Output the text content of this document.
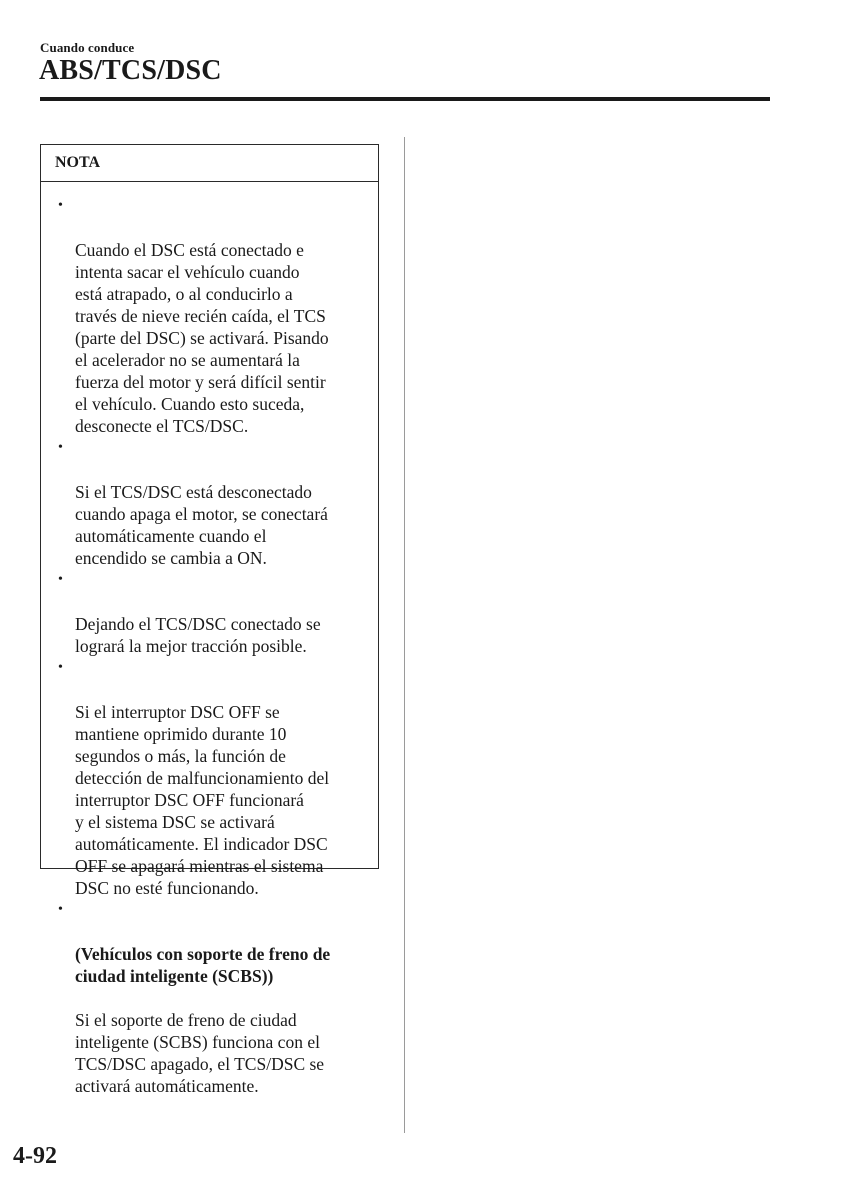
Cuando conduce
ABS/TCS/DSC
NOTA

•

Cuando el DSC está conectado e
intenta sacar el vehículo cuando
está atrapado, o al conducirlo a
través de nieve recién caída, el TCS
(parte del DSC) se activará. Pisando
el acelerador no se aumentará la
fuerza del motor y será difícil sentir
el vehículo. Cuando esto suceda,
desconecte el TCS/DSC.

•

Si el TCS/DSC está desconectado
cuando apaga el motor, se conectará
automáticamente cuando el
encendido se cambia a ON.

•

Dejando el TCS/DSC conectado se
logrará la mejor tracción posible.

•

Si el interruptor DSC OFF se
mantiene oprimido durante 10
segundos o más, la función de
detección de malfuncionamiento del
interruptor DSC OFF funcionará
y el sistema DSC se activará
automáticamente. El indicador DSC
OFF se apagará mientras el sistema
DSC no esté funcionando.

•

(Vehículos con soporte de freno de
ciudad inteligente (SCBS))

Si el soporte de freno de ciudad
inteligente (SCBS) funciona con el
TCS/DSC apagado, el TCS/DSC se
activará automáticamente.

4-92
